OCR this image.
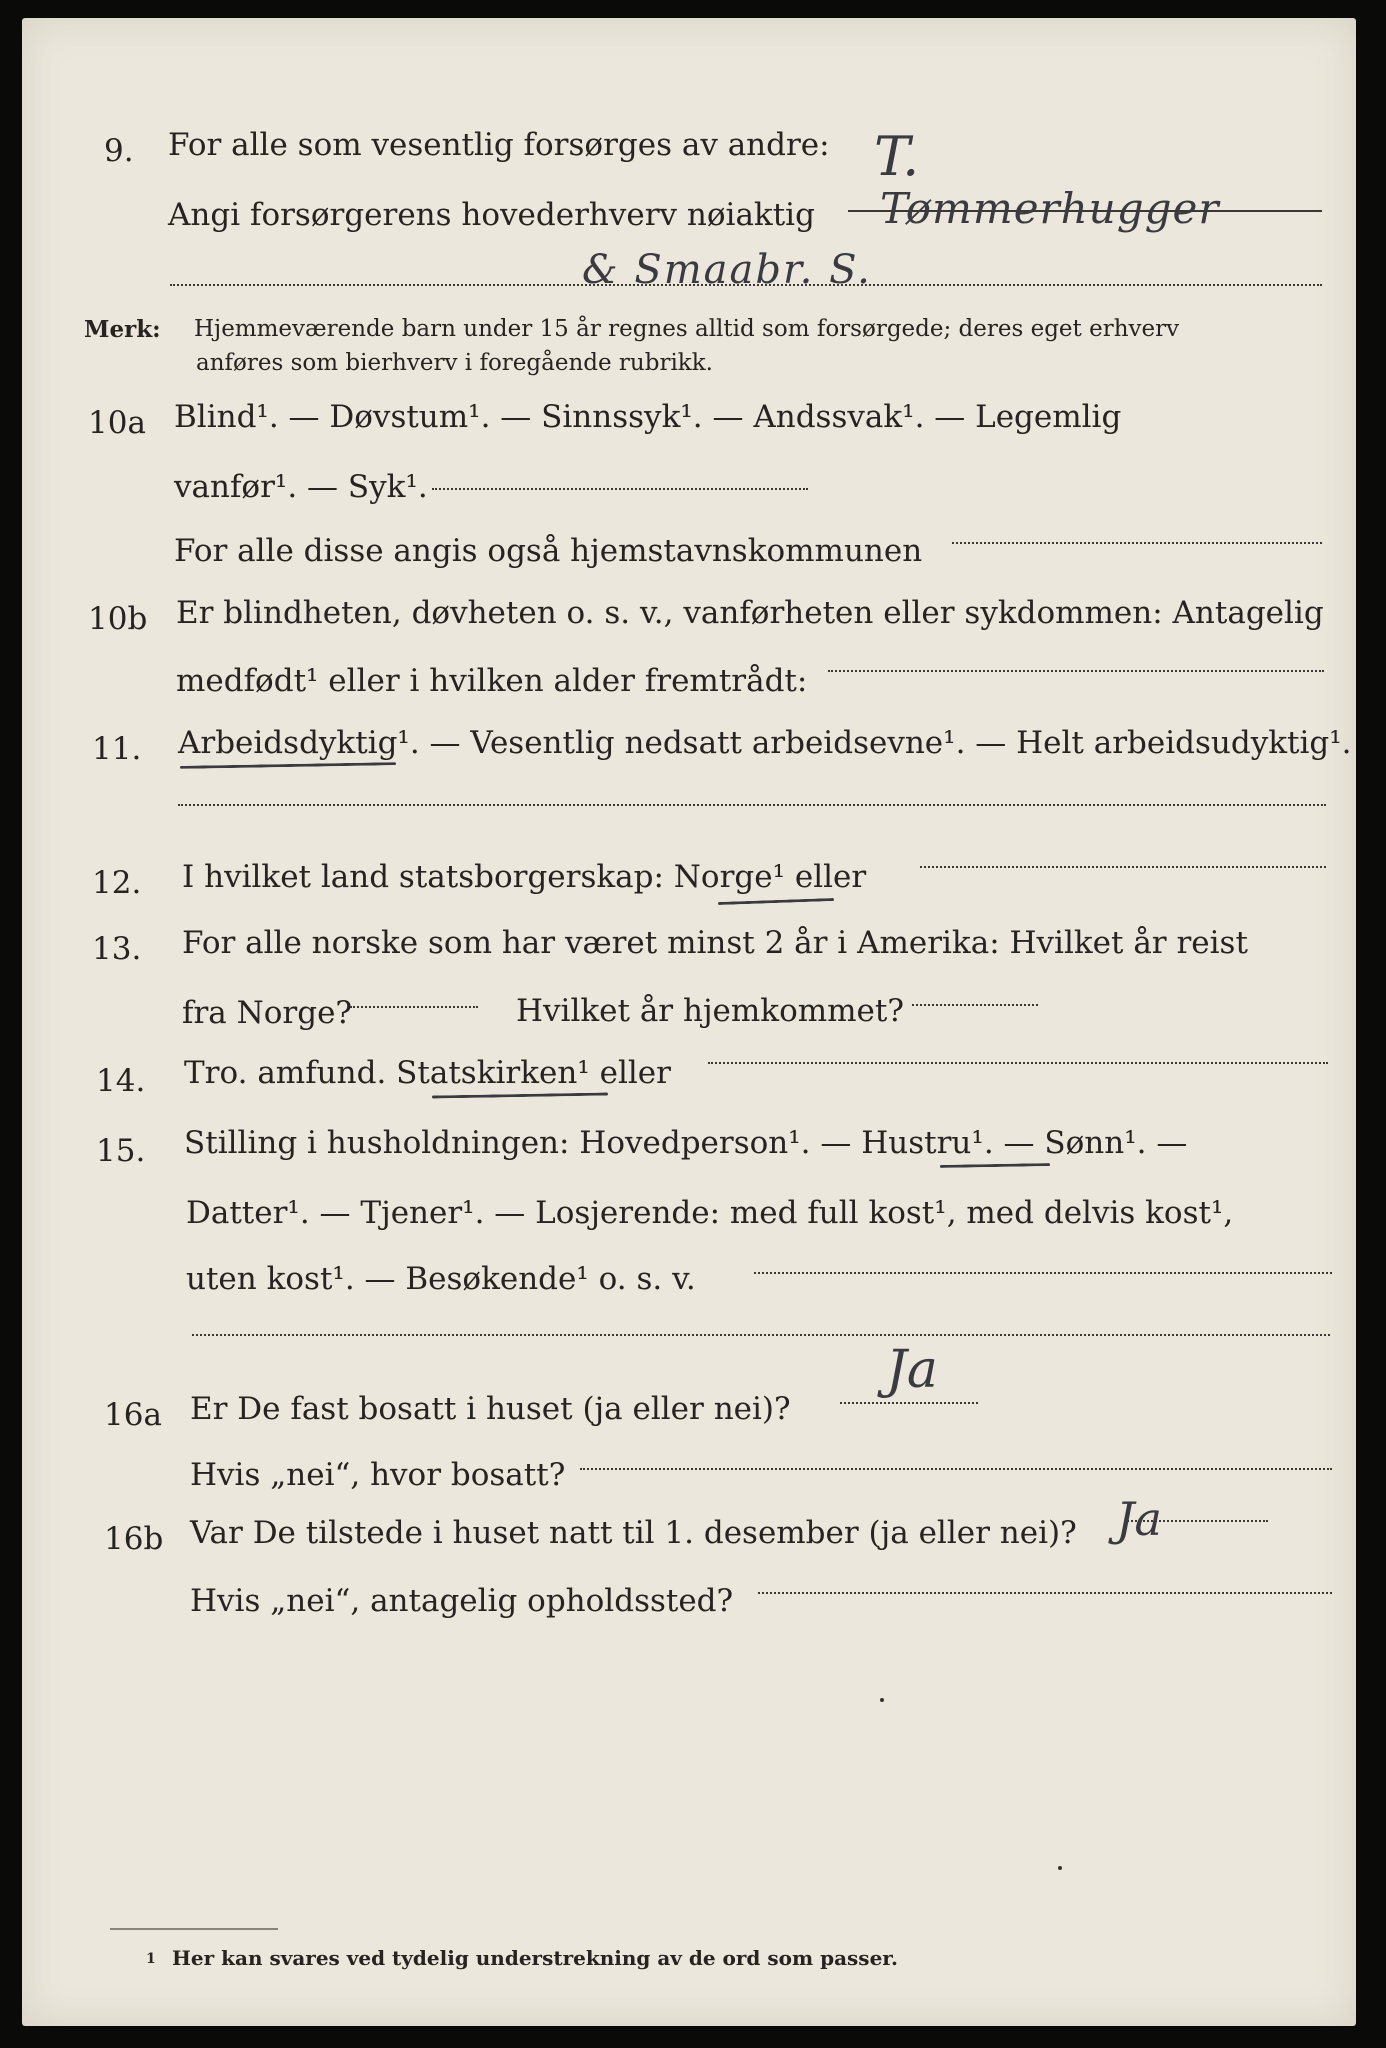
9. For alle som vesentlig forsørges av andre:
Angi forsørgerens hovederhverv nøiaktig
T.
Tømmerhugger
& Smaabr. S.
Merk: Hjemmeværende barn under 15 år regnes alltid som forsørgede; deres eget erhverv
anføres som bierhverv i foregående rubrikk.
10a Blind¹. — Døvstum¹. — Sinnssyk¹. — Andssvak¹. — Legemlig
vanfør¹. — Syk¹.
For alle disse angis også hjemstavnskommunen
10b Er blindheten, døvheten o. s. v., vanførheten eller sykdommen: Antagelig
medfødt¹ eller i hvilken alder fremtrådt:
11. Arbeidsdyktig¹. — Vesentlig nedsatt arbeidsevne¹. — Helt arbeidsudyktig¹.
12. I hvilket land statsborgerskap: Norge¹ eller
13. For alle norske som har været minst 2 år i Amerika: Hvilket år reist
fra Norge?	Hvilket år hjemkommet?
14. Tro. amfund. Statskirken¹ eller
15. Stilling i husholdningen: Hovedperson¹. — Hustru¹. — Sønn¹. —
Datter¹. — Tjener¹. — Losjerende: med full kost¹, med delvis kost¹,
uten kost¹. — Besøkende¹ o. s. v.
16a Er De fast bosatt i huset (ja eller nei)?
Ja
Hvis „nei“, hvor bosatt?
16b Var De tilstede i huset natt til 1. desember (ja eller nei)? Ja
Hvis „nei“, antagelig opholdssted?
1 Her kan svares ved tydelig understrekning av de ord som passer.
